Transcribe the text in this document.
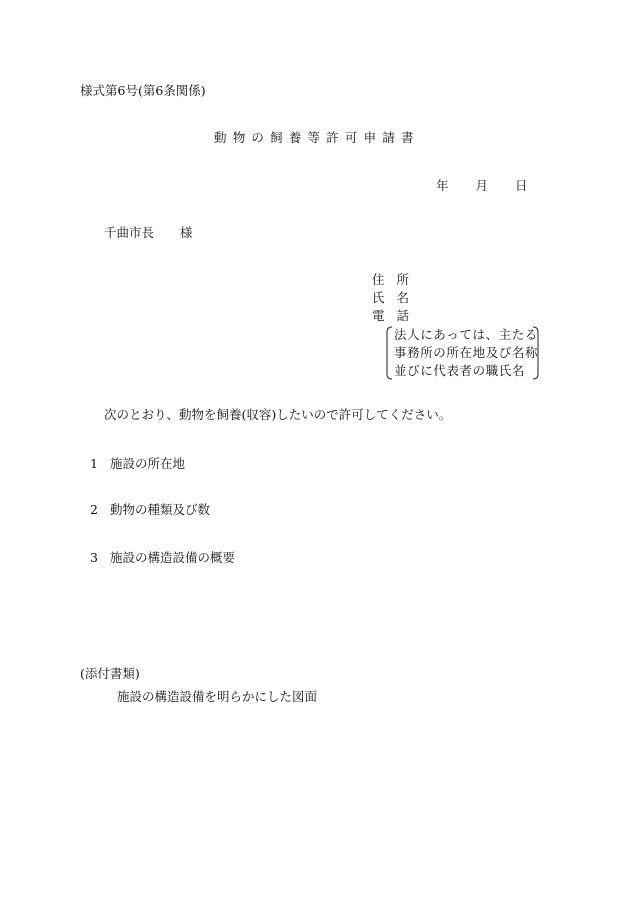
様式第6号(第6条関係)
動物の飼養等許可申請書
年 月 日
千曲市長 様
住所
氏名
電話
法人にあっては、主たる
事務所の所在地及び名称
並びに代表者の職氏名
次のとおり、動物を飼養(収容)したいので許可してください。
1 施設の所在地
2 動物の種類及び数
3 施設の構造設備の概要
(添付書類)
施設の構造設備を明らかにした図面
